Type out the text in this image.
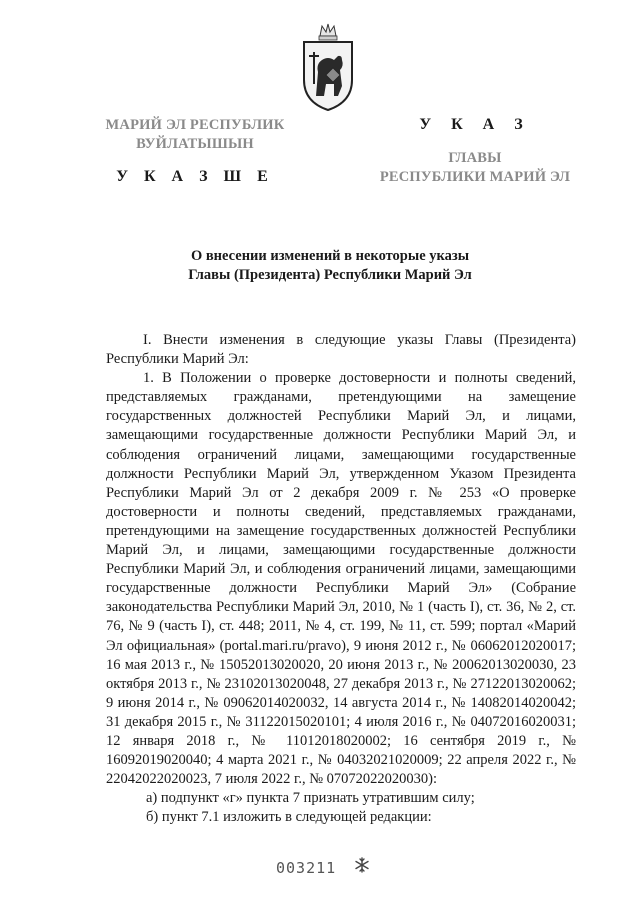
МАРИЙ ЭЛ РЕСПУБЛИК
ВУЙЛАТЫШЫН
У К А З Ш Е
У К А З
ГЛАВЫ
РЕСПУБЛИКИ МАРИЙ ЭЛ
О внесении изменений в некоторые указы
Главы (Президента) Республики Марий Эл

I. Внести изменения в следующие указы Главы (Президента) Республики Марий Эл:

1. В Положении о проверке достоверности и полноты сведений, представляемых гражданами, претендующими на замещение государственных должностей Республики Марий Эл, и лицами, замещающими государственные должности Республики Марий Эл, и соблюдения ограничений лицами, замещающими государственные должности Республики Марий Эл, утвержденном Указом Президента Республики Марий Эл от 2 декабря 2009 г. № 253 «О проверке достоверности и полноты сведений, представляемых гражданами, претендующими на замещение государственных должностей Республики Марий Эл, и лицами, замещающими государственные должности Республики Марий Эл, и соблюдения ограничений лицами, замещающими государственные должности Республики Марий Эл» (Собрание законодательства Республики Марий Эл, 2010, № 1 (часть I), ст. 36, № 2, ст. 76, № 9 (часть I), ст. 448; 2011, № 4, ст. 199, № 11, ст. 599; портал «Марий Эл официальная» (portal.mari.ru/pravo), 9 июня 2012 г., № 06062012020017; 16 мая 2013 г., № 15052013020020, 20 июня 2013 г., № 20062013020030, 23 октября 2013 г., № 23102013020048, 27 декабря 2013 г., № 27122013020062; 9 июня 2014 г., № 09062014020032, 14 августа 2014 г., № 14082014020042; 31 декабря 2015 г., № 31122015020101; 4 июля 2016 г., № 04072016020031; 12 января 2018 г., № 11012018020002; 16 сентября 2019 г., № 16092019020040; 4 марта 2021 г., № 04032021020009; 22 апреля 2022 г., № 22042022020023, 7 июля 2022 г., № 07072022020030):

а) подпункт «г» пункта 7 признать утратившим силу;

б) пункт 7.1 изложить в следующей редакции:

003211
